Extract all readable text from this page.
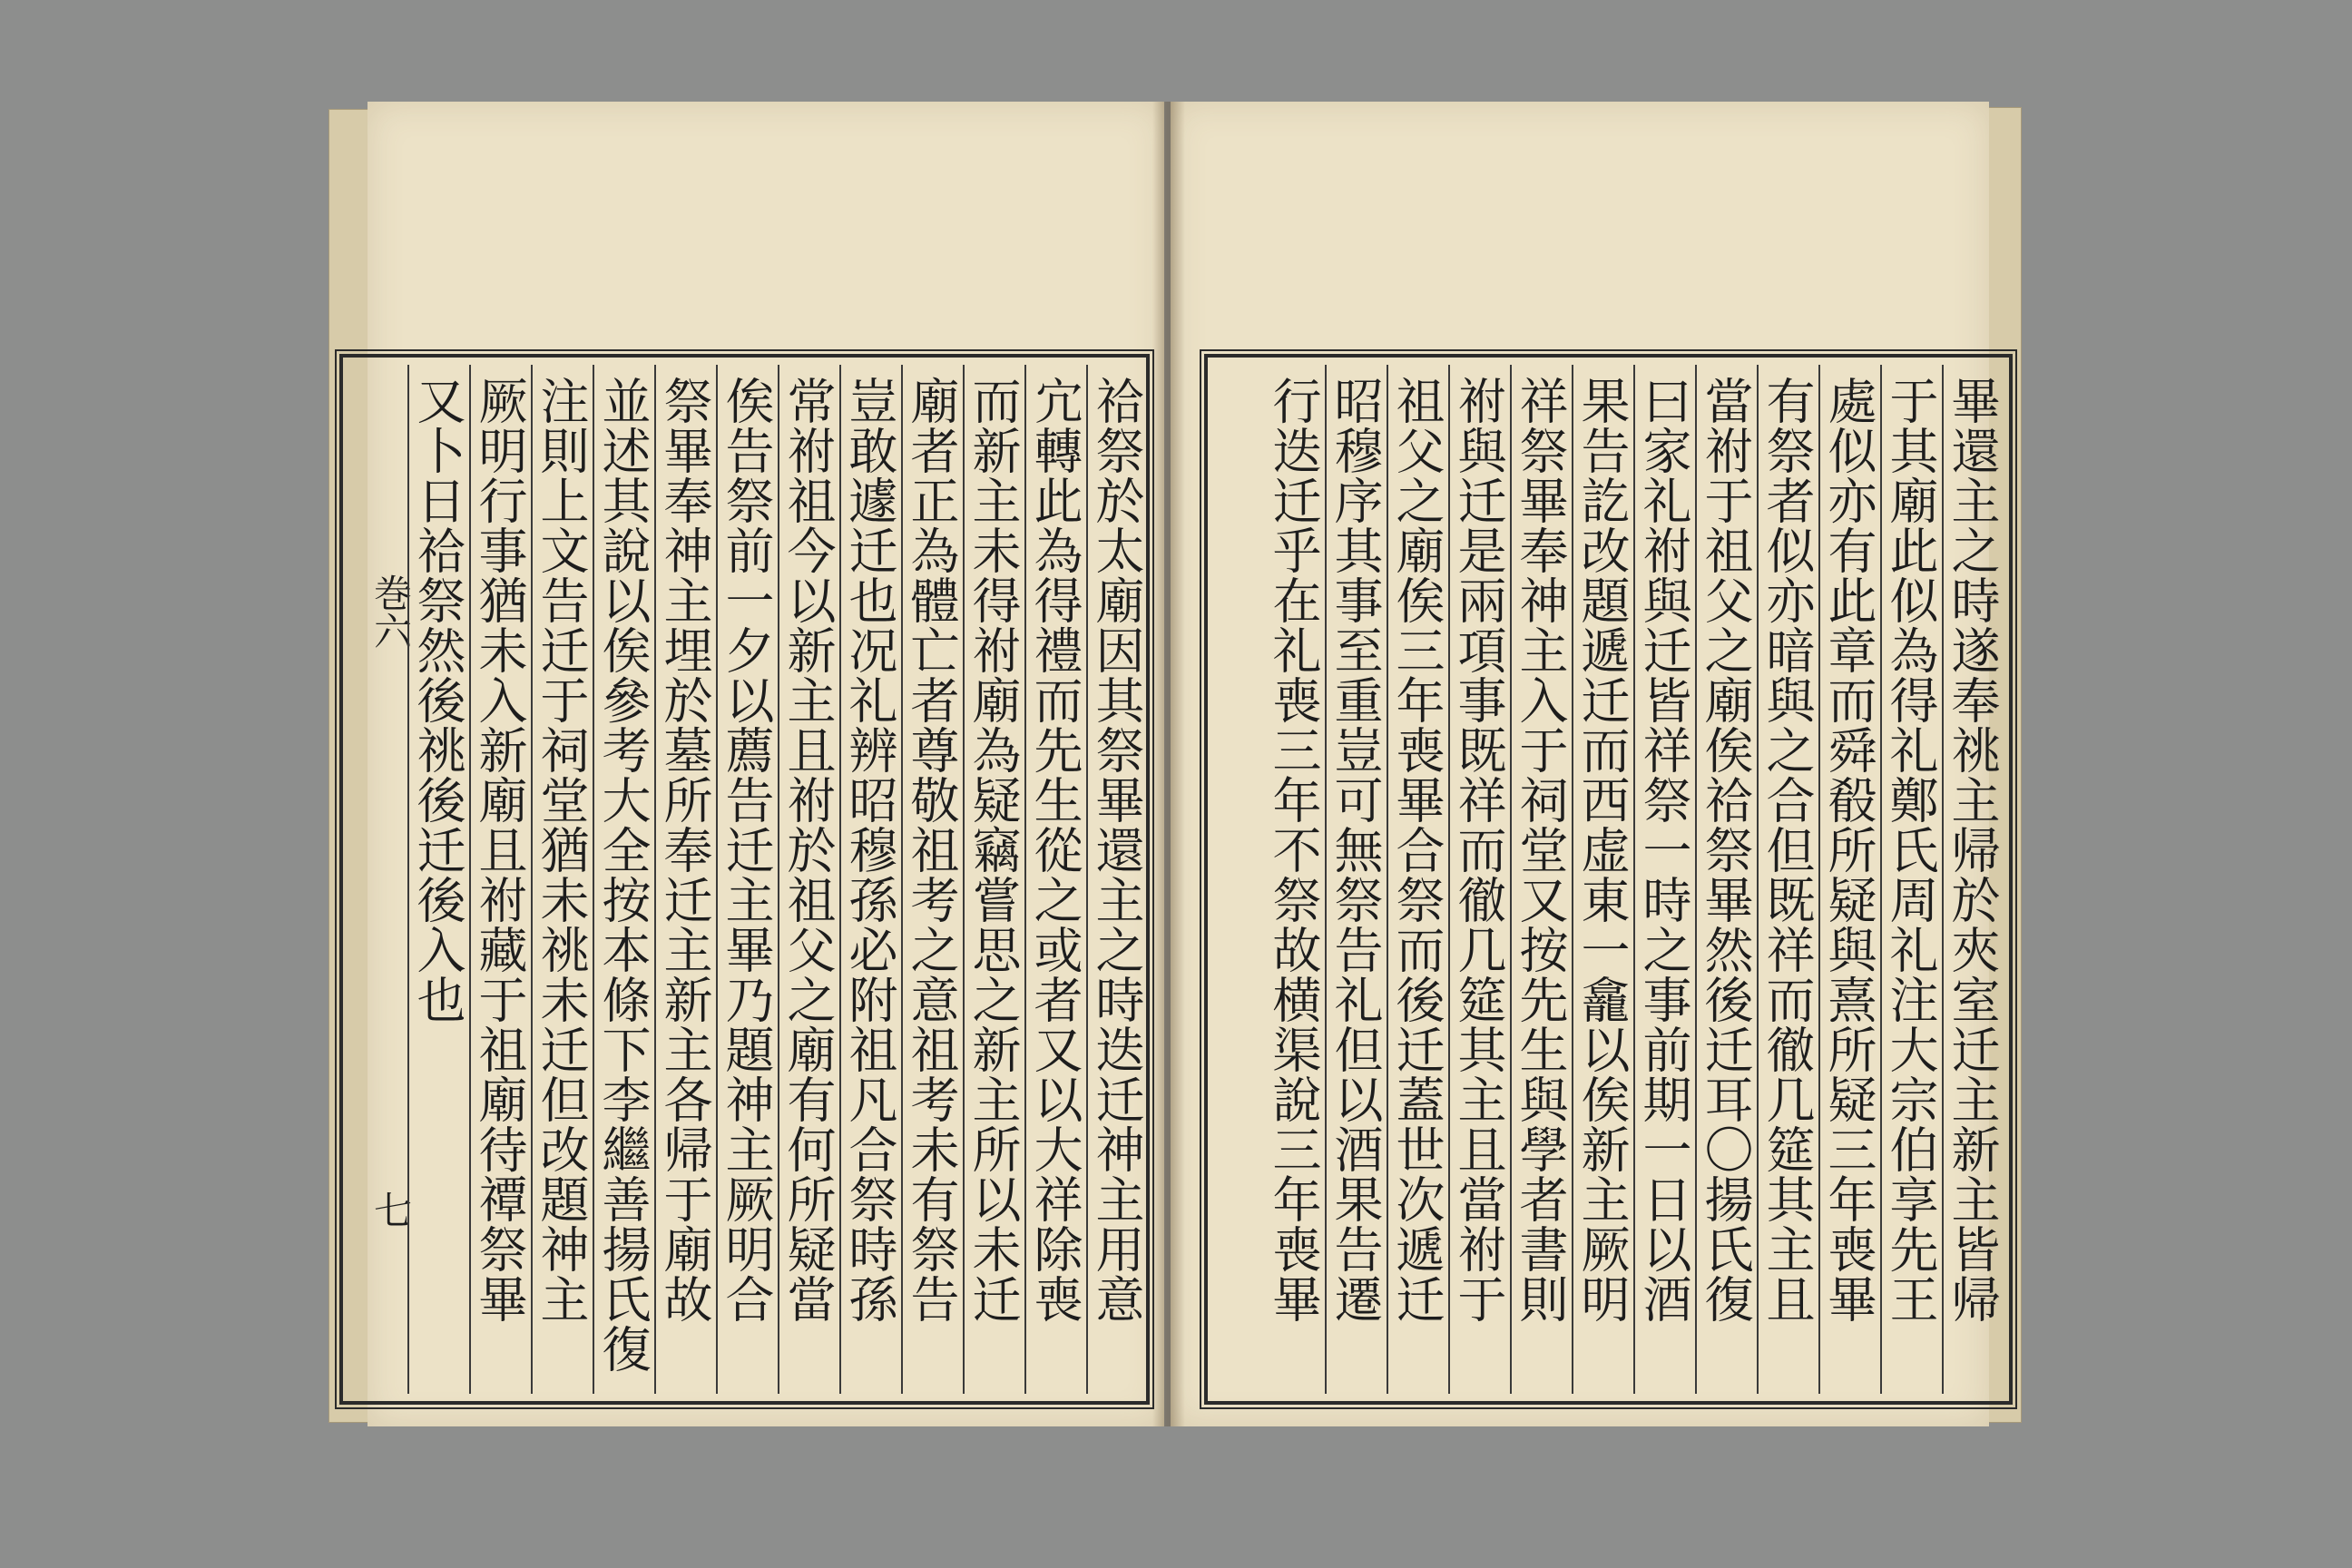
巻六
七	祫祭於太廟因其祭畢還主之時迭迁神主用意
宂轉此為得禮而先生從之或者又以大祥除喪
而新主未得祔廟為疑竊嘗思之新主所以未迁
廟者正為體亡者尊敬祖考之意祖考未有祭告
豈敢遽迁也况礼辨昭穆孫必附祖凡合祭時孫
常祔祖今以新主且祔於祖父之廟有何所疑當
俟告祭前一夕以薦告迁主畢乃題神主厥明合
祭畢奉神主埋於墓所奉迁主新主各帰于廟故
並述其說以俟參考大全按本條下李繼善揚氏復
注則上文告迁于祠堂猶未祧未迁但改題神主
厥明行事猶未入新廟且祔藏于祖廟待禫祭畢
又卜日祫祭然後祧後迁後入也	畢還主之時遂奉祧主帰於夾室迁主新主皆帰
于其廟此似為得礼鄭氏周礼注大宗伯享先王
處似亦有此章而舜殽所疑與熹所疑三年喪畢
有祭者似亦暗與之合但既祥而徹几筵其主且
當祔于祖父之廟俟祫祭畢然後迁耳〇揚氏復
曰家礼祔與迁皆祥祭一時之事前期一日以酒
果告訖改題遞迁而西虚東一龕以俟新主厥明
祥祭畢奉神主入于祠堂又按先生與學者書則
祔與迁是兩項事既祥而徹几筵其主且當祔于
祖父之廟俟三年喪畢合祭而後迁蓋世次遞迁
昭穆序其事至重豈可無祭告礼但以酒果告遷
行迭迁乎在礼喪三年不祭故横渠說三年喪畢
